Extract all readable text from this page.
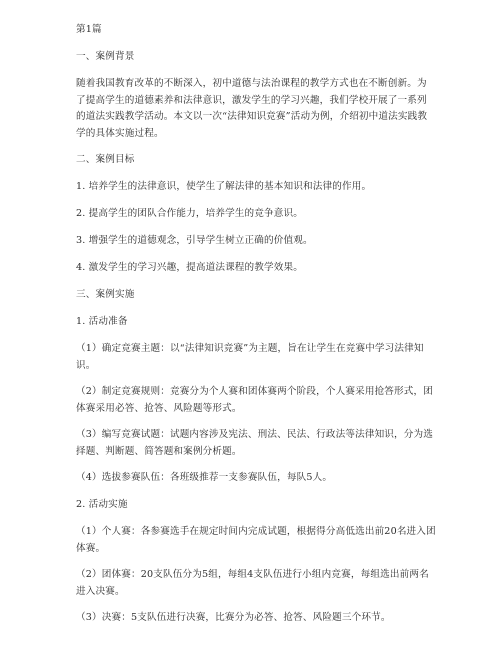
第1篇

一、案例背景

随着我国教育改革的不断深入，初中道德与法治课程的教学方式也在不断创新。为了提高学生的道德素养和法律意识，激发学生的学习兴趣，我们学校开展了一系列的道法实践教学活动。本文以一次“法律知识竞赛”活动为例，介绍初中道法实践教学的具体实施过程。

二、案例目标

1. 培养学生的法律意识，使学生了解法律的基本知识和法律的作用。

2. 提高学生的团队合作能力，培养学生的竞争意识。

3. 增强学生的道德观念，引导学生树立正确的价值观。

4. 激发学生的学习兴趣，提高道法课程的教学效果。

三、案例实施

1. 活动准备

（1）确定竞赛主题：以“法律知识竞赛”为主题，旨在让学生在竞赛中学习法律知识。

（2）制定竞赛规则：竞赛分为个人赛和团体赛两个阶段，个人赛采用抢答形式，团体赛采用必答、抢答、风险题等形式。

（3）编写竞赛试题：试题内容涉及宪法、刑法、民法、行政法等法律知识，分为选择题、判断题、简答题和案例分析题。

（4）选拔参赛队伍：各班级推荐一支参赛队伍，每队5人。

2. 活动实施

（1）个人赛：各参赛选手在规定时间内完成试题，根据得分高低选出前20名进入团体赛。

（2）团体赛：20支队伍分为5组，每组4支队伍进行小组内竞赛，每组选出前两名进入决赛。

（3）决赛：5支队伍进行决赛，比赛分为必答、抢答、风险题三个环节。
